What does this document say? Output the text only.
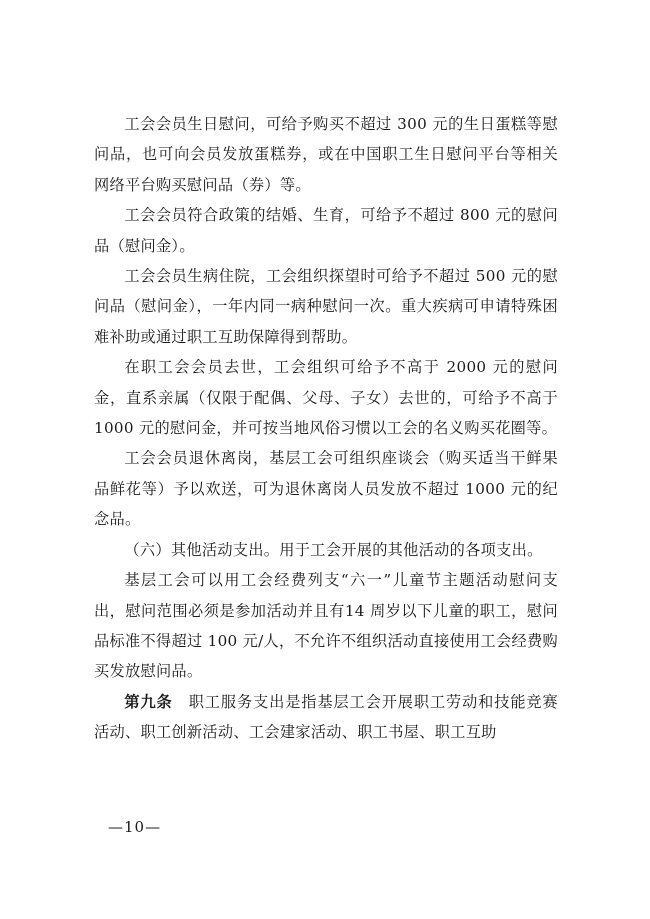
工会会员生日慰问，可给予购买不超过 300 元的生日蛋糕等慰问品，也可向会员发放蛋糕券，或在中国职工生日慰问平台等相关网络平台购买慰问品（券）等。

工会会员符合政策的结婚、生育，可给予不超过 800 元的慰问品（慰问金）。

工会会员生病住院，工会组织探望时可给予不超过 500 元的慰问品（慰问金），一年内同一病种慰问一次。重大疾病可申请特殊困难补助或通过职工互助保障得到帮助。

在职工会会员去世，工会组织可给予不高于 2000 元的慰问金，直系亲属（仅限于配偶、父母、子女）去世的，可给予不高于 1000 元的慰问金，并可按当地风俗习惯以工会的名义购买花圈等。

工会会员退休离岗，基层工会可组织座谈会（购买适当干鲜果品鲜花等）予以欢送，可为退休离岗人员发放不超过 1000 元的纪念品。

（六）其他活动支出。用于工会开展的其他活动的各项支出。

基层工会可以用工会经费列支“六一”儿童节主题活动慰问支出，慰问范围必须是参加活动并且有14 周岁以下儿童的职工，慰问品标准不得超过 100 元/人，不允许不组织活动直接使用工会经费购买发放慰问品。

第九条　 职工服务支出是指基层工会开展职工劳动和技能竞赛活动、职工创新活动、工会建家活动、职工书屋、职工互助

—10—
